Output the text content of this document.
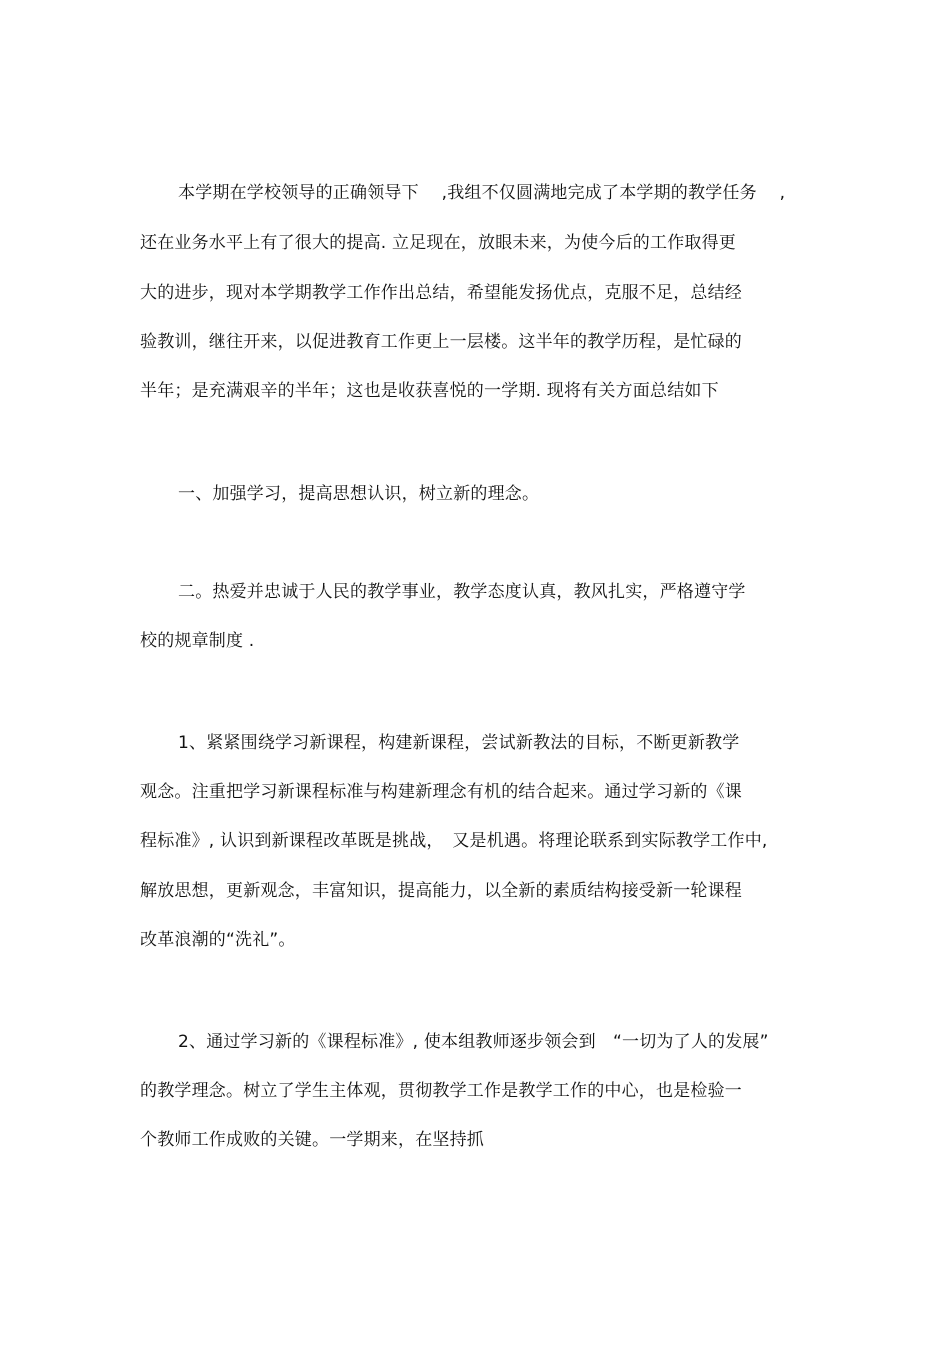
本学期在学校领导的正确领导下　 ,我组不仅圆满地完成了本学期的教学任务　 ,
还在业务水平上有了很大的提高. 立足现在，放眼未来，为使今后的工作取得更
大的进步，现对本学期教学工作作出总结，希望能发扬优点，克服不足，总结经
验教训，继往开来，以促进教育工作更上一层楼。这半年的教学历程，是忙碌的
半年；是充满艰辛的半年；这也是收获喜悦的一学期. 现将有关方面总结如下
一、加强学习，提高思想认识，树立新的理念。
二。热爱并忠诚于人民的教学事业，教学态度认真，教风扎实，严格遵守学
校的规章制度 .
1、紧紧围绕学习新课程，构建新课程，尝试新教法的目标，不断更新教学
观念。注重把学习新课程标准与构建新理念有机的结合起来。通过学习新的《课
程标准》, 认识到新课程改革既是挑战，　又是机遇。将理论联系到实际教学工作中,
解放思想，更新观念，丰富知识，提高能力，以全新的素质结构接受新一轮课程
改革浪潮的“洗礼”。
2、通过学习新的《课程标准》, 使本组教师逐步领会到　“一切为了人的发展”
的教学理念。树立了学生主体观，贯彻教学工作是教学工作的中心，也是检验一
个教师工作成败的关键。一学期来，在坚持抓
